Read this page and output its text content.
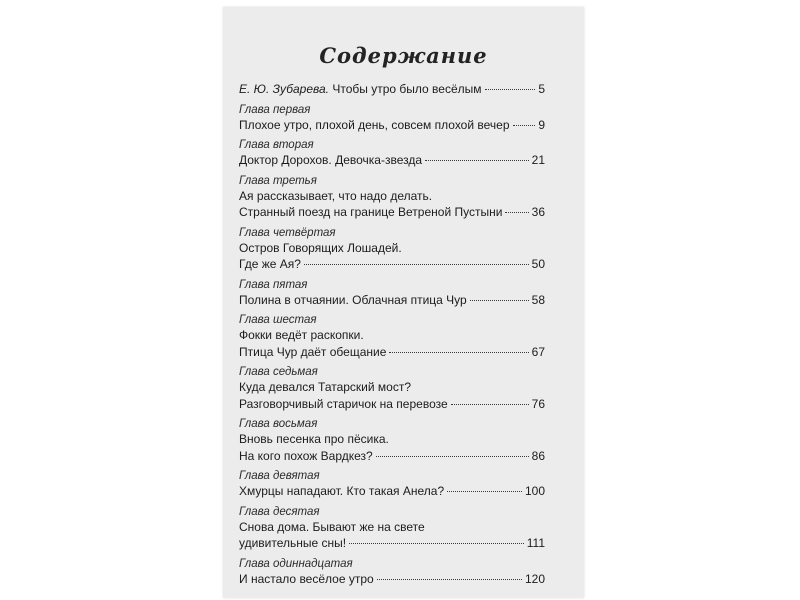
Содержание
Е. Ю. Зубарева. Чтобы утро было весёлым	5
Глава первая
Плохое утро, плохой день, совсем плохой вечер 9
Глава вторая
Доктор Дорохов. Девочка-звезда	21
Глава третья
Ая рассказывает, что надо делать.
Странный поезд на границе Ветреной Пустыни 36
Глава четвёртая
Остров Говорящих Лошадей.
Где же Ая?	50
Глава пятая
Полина в отчаянии. Облачная птица Чур	58
Глава шестая
Фокки ведёт раскопки.
Птица Чур даёт обещание	67
Глава седьмая
Куда девался Татарский мост?
Разговорчивый старичок на перевозе	76
Глава восьмая
Вновь песенка про пёсика.
На кого похож Вардкез?	86
Глава девятая
Хмурцы нападают. Кто такая Анела?	100
Глава десятая
Снова дома. Бывают же на свете
удивительные сны!	111
Глава одиннадцатая
И настало весёлое утро	120
